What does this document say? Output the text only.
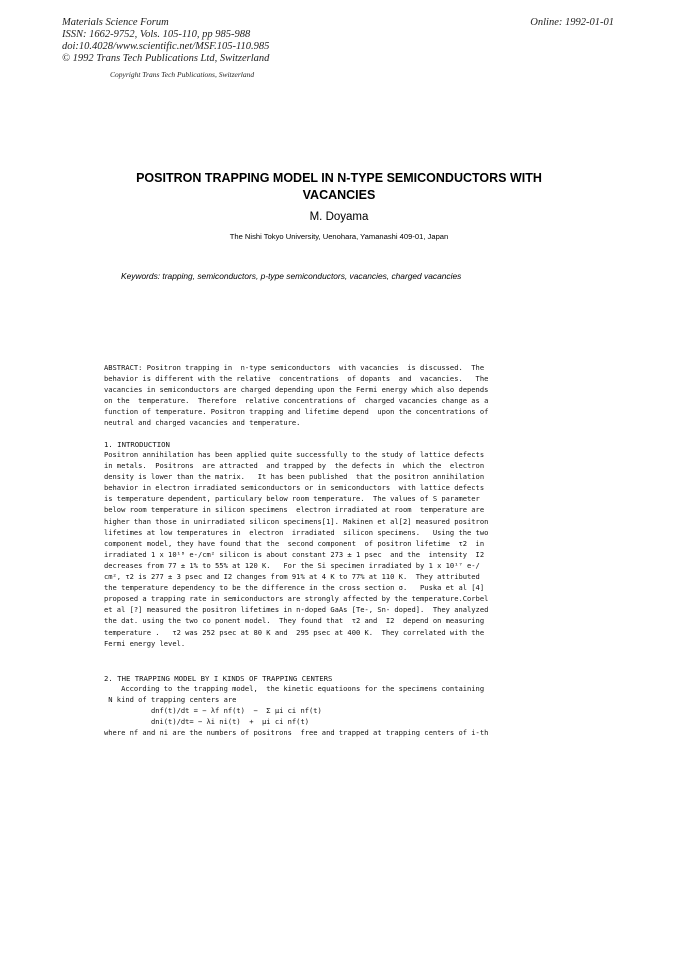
Materials Science Forum
ISSN: 1662-9752, Vols. 105-110, pp 985-988
doi:10.4028/www.scientific.net/MSF.105-110.985
© 1992 Trans Tech Publications Ltd, Switzerland
Online: 1992-01-01
Copyright Trans Tech Publications, Switzerland
POSITRON TRAPPING MODEL IN N-TYPE SEMICONDUCTORS WITH
VACANCIES
M. Doyama
The Nishi Tokyo University, Uenohara, Yamanashi 409-01, Japan
Keywords: trapping, semiconductors, p-type semiconductors, vacancies, charged vacancies
ABSTRACT: Positron trapping in  n-type semiconductors  with vacancies  is discussed.  The
behavior is different with the relative  concentrations  of dopants  and  vacancies.   The
vacancies in semiconductors are charged depending upon the Fermi energy which also depends
on the  temperature.  Therefore  relative concentrations of  charged vacancies change as a
function of temperature. Positron trapping and lifetime depend  upon the concentrations of
neutral and charged vacancies and temperature.
1. INTRODUCTION
Positron annihilation has been applied quite successfully to the study of lattice defects
in metals.  Positrons  are attracted  and trapped by  the defects in  which the  electron
density is lower than the matrix.   It has been published  that the positron annihilation
behavior in electron irradiated semiconductors or in semiconductors  with lattice defects
is temperature dependent, particulary below room temperature.  The values of S parameter
below room temperature in silicon specimens  electron irradiated at room  temperature are
higher than those in unirradiated silicon specimens[1]. Makinen et al[2] measured positron
lifetimes at low temperatures in  electron  irradiated  silicon specimens.   Using the two
component model, they have found that the  second component  of positron lifetime  τ2  in
irradiated 1 x 10¹⁸ e-/cm² silicon is about constant 273 ± 1 psec  and the  intensity  I2
decreases from 77 ± 1% to 55% at 120 K.   For the Si specimen irradiated by 1 x 10¹⁷ e-/
cm², τ2 is 277 ± 3 psec and I2 changes from 91% at 4 K to 77% at 110 K.  They attributed
the temperature dependency to be the difference in the cross section σ.   Puska et al [4]
proposed a trapping rate in semiconductors are strongly affected by the temperature.Corbel
et al [?] measured the positron lifetimes in n-doped GaAs [Te-, Sn- doped].  They analyzed
the dat. using the two co ponent model.  They found that  τ2 and  I2  depend on measuring
temperature .   τ2 was 252 psec at 80 K and  295 psec at 400 K.  They correlated with the
Fermi energy level.
2. THE TRAPPING MODEL BY I KINDS OF TRAPPING CENTERS
According to the trapping model,  the kinetic equatioons for the specimens containing
N kind of trapping centers are
dnf(t)/dt = − λf nf(t)  −  Σ μi ci nf(t)
dni(t)/dt= − λi ni(t)  +  μi ci nf(t)
where nf and ni are the numbers of positrons  free and trapped at trapping centers of i-th
